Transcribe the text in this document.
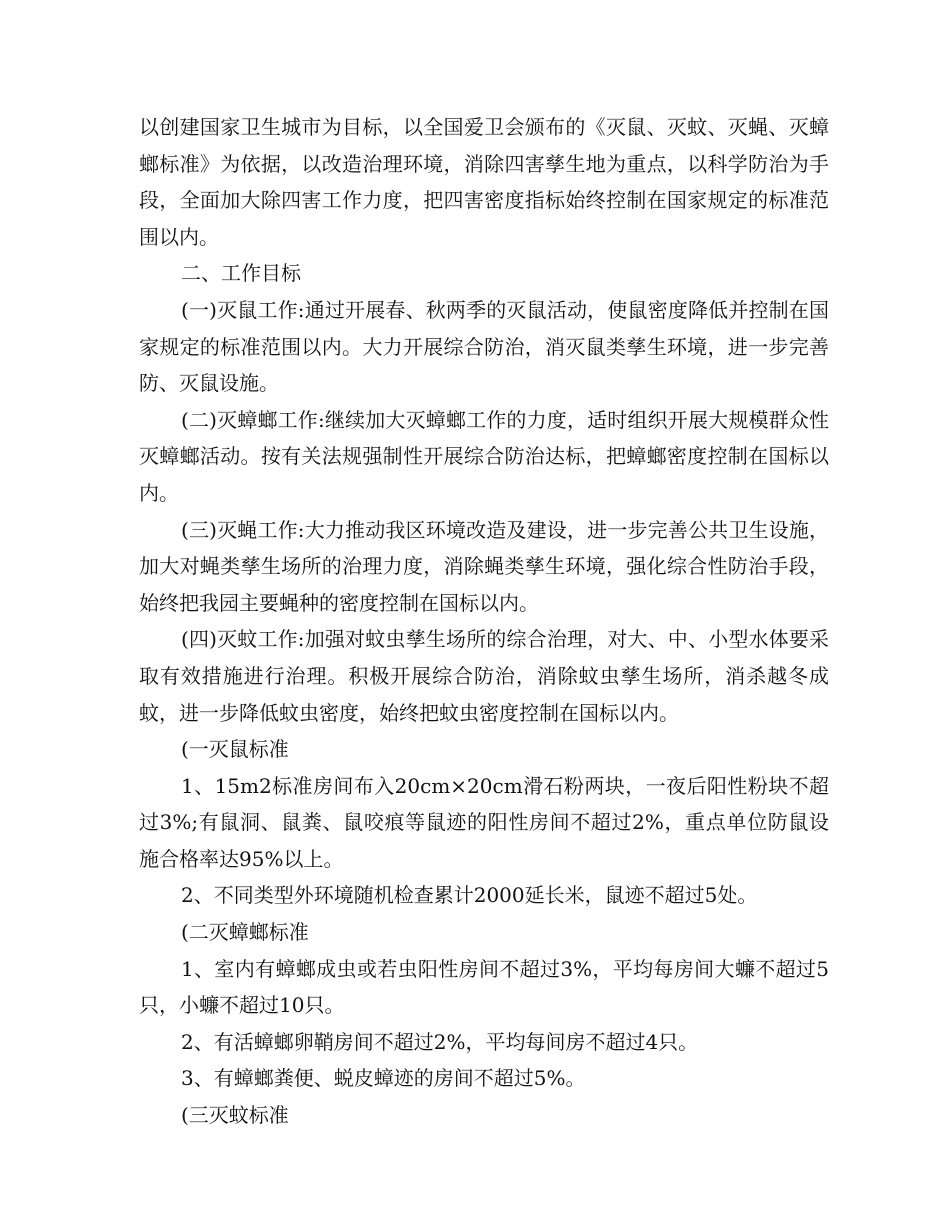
以创建国家卫生城市为目标，以全国爱卫会颁布的《灭鼠、灭蚊、灭蝇、灭蟑螂标准》为依据，以改造治理环境，消除四害孳生地为重点，以科学防治为手段，全面加大除四害工作力度，把四害密度指标始终控制在国家规定的标准范围以内。

二、工作目标

(一)灭鼠工作:通过开展春、秋两季的灭鼠活动，使鼠密度降低并控制在国家规定的标准范围以内。大力开展综合防治，消灭鼠类孳生环境，进一步完善防、灭鼠设施。

(二)灭蟑螂工作:继续加大灭蟑螂工作的力度，适时组织开展大规模群众性灭蟑螂活动。按有关法规强制性开展综合防治达标，把蟑螂密度控制在国标以内。

(三)灭蝇工作:大力推动我区环境改造及建设，进一步完善公共卫生设施，加大对蝇类孳生场所的治理力度，消除蝇类孳生环境，强化综合性防治手段，始终把我园主要蝇种的密度控制在国标以内。

(四)灭蚊工作:加强对蚊虫孳生场所的综合治理，对大、中、小型水体要采取有效措施进行治理。积极开展综合防治，消除蚊虫孳生场所，消杀越冬成蚊，进一步降低蚊虫密度，始终把蚊虫密度控制在国标以内。

(一灭鼠标准

1、15m2标准房间布入20cm×20cm滑石粉两块，一夜后阳性粉块不超过3%;有鼠洞、鼠粪、鼠咬痕等鼠迹的阳性房间不超过2%，重点单位防鼠设施合格率达95%以上。

2、不同类型外环境随机检查累计2000延长米，鼠迹不超过5处。

(二灭蟑螂标准

1、室内有蟑螂成虫或若虫阳性房间不超过3%，平均每房间大蠊不超过5只，小蠊不超过10只。

2、有活蟑螂卵鞘房间不超过2%，平均每间房不超过4只。

3、有蟑螂粪便、蜕皮蟑迹的房间不超过5%。

(三灭蚊标准
